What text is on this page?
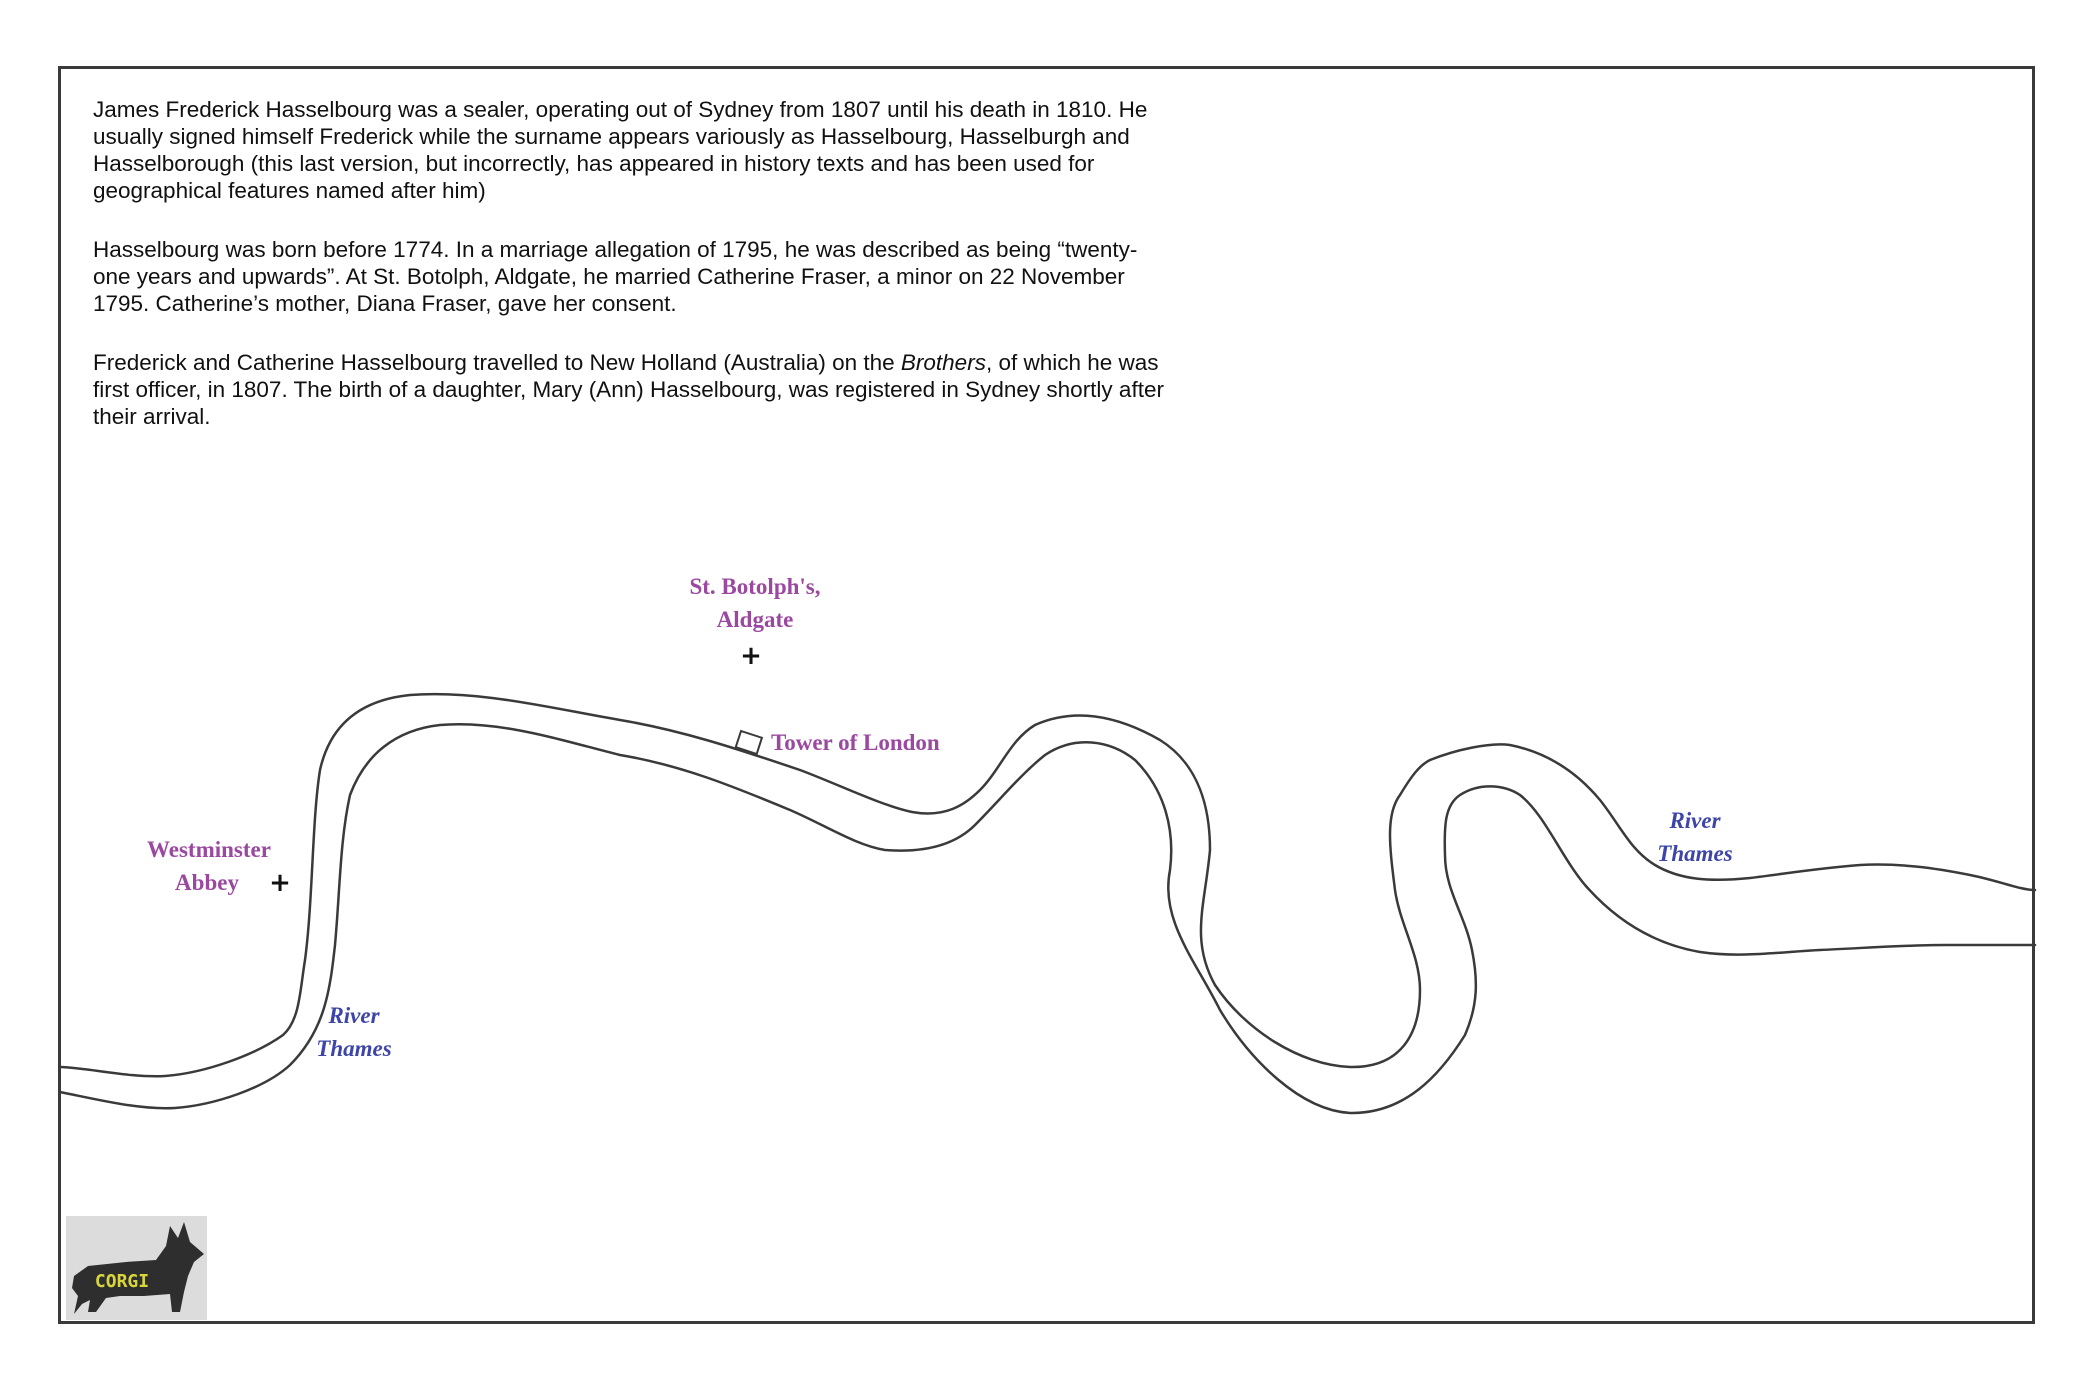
James Frederick Hasselbourg was a sealer, operating out of Sydney from 1807 until his death in 1810. He usually signed himself Frederick while the surname appears variously as Hasselbourg, Hasselburgh and Hasselborough (this last version, but incorrectly, has appeared in history texts and has been used for geographical features named after him)

Hasselbourg was born before 1774. In a marriage allegation of 1795, he was described as being “twenty-one years and upwards”. At St. Botolph, Aldgate, he married Catherine Fraser, a minor on 22 November 1795. Catherine’s mother, Diana Fraser, gave her consent.

Frederick and Catherine Hasselbourg travelled to New Holland (Australia) on the Brothers, of which he was first officer, in 1807. The birth of a daughter, Mary (Ann) Hasselbourg, was registered in Sydney shortly after their arrival.

St. Botolph's,
Aldgate
+
Tower of London
Westminster
Abbey +
River
Thames
River
Thames
CORGI
